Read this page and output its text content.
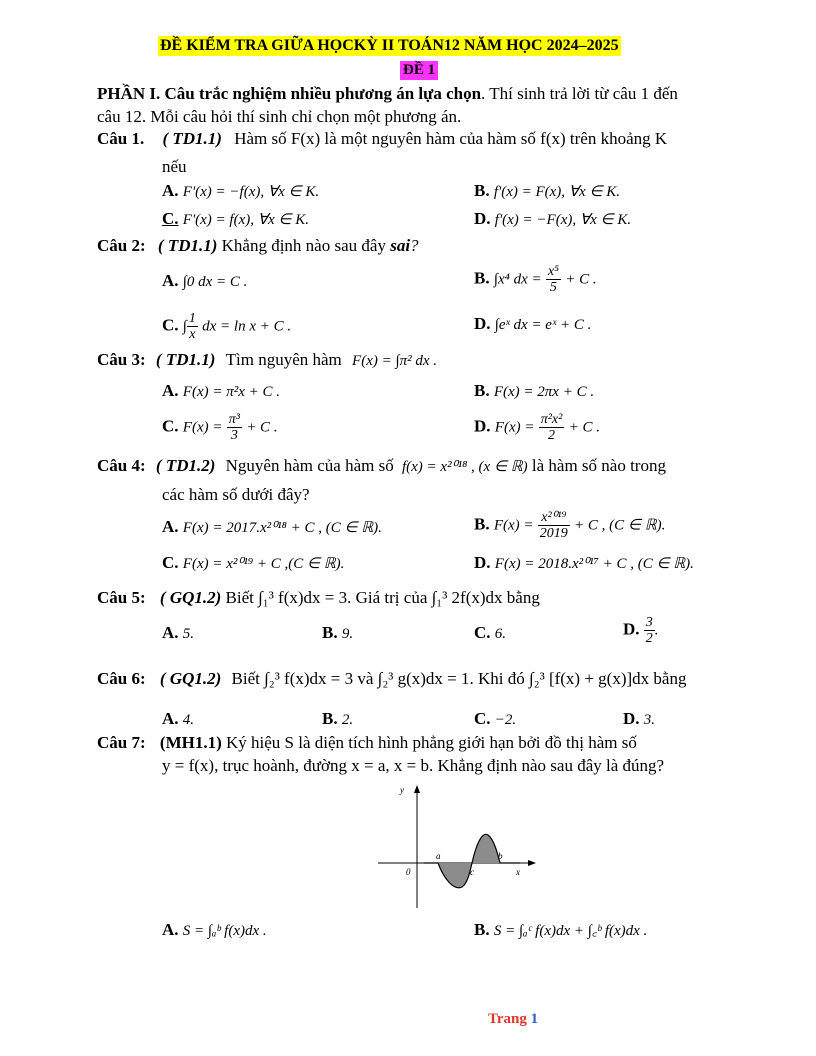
ĐỀ KIỂM TRA GIỮA HỌCKỲ II TOÁN12 NĂM HỌC 2024–2025
ĐỀ 1
PHẦN I. Câu trắc nghiệm nhiều phương án lựa chọn. Thí sinh trả lời từ câu 1 đến
câu 12. Mỗi câu hỏi thí sinh chỉ chọn một phương án.
Câu 1. ( TD1.1) Hàm số F(x) là một nguyên hàm của hàm số f(x) trên khoảng K
nếu
A. F'(x) = −f(x), ∀x ∈ K.	B. f'(x) = F(x), ∀x ∈ K.
C. F'(x) = f(x), ∀x ∈ K.	D. f'(x) = −F(x), ∀x ∈ K.
Câu 2: ( TD1.1) Khẳng định nào sau đây sai?
A. ∫0 dx = C .	B. ∫x⁴ dx = $\frac{\text{x⁵}}{5} + C$ .
C. ∫ $\frac{1}{x}$ dx = ln x + C .	D. ∫eˣ dx = eˣ + C .
Câu 3: ( TD1.1) Tìm nguyên hàm F(x) = ∫π² dx .
A. F(x) = π²x + C .	B. F(x) = 2πx + C .
C. $F(x) = \frac{\text{π³}}{3} + C$ .	D. $F(x) = \frac{\text{π²x²}}{2} + C$ .
Câu 4: ( TD1.2) Nguyên hàm của hàm số f(x) = x²⁰¹⁸ , (x ∈ ℝ) là hàm số nào trong
các hàm số dưới đây?
A. F(x) = 2017.x²⁰¹⁸ + C , (C ∈ ℝ).	B. $F(x) = \frac{\text{x²⁰¹⁹}}{2019} + C$ , (C ∈ ℝ).
C. F(x) = x²⁰¹⁹ + C ,(C ∈ ℝ).	D. F(x) = 2018.x²⁰¹⁷ + C , (C ∈ ℝ).
Câu 5: ( GQ1.2) Biết ∫₁³ f(x)dx = 3. Giá trị của ∫₁³ 2f(x)dx bằng
A. 5.	B. 9.	C. 6.	D. $\frac{3}{2}$ .
Câu 6: ( GQ1.2) Biết ∫₂³ f(x)dx = 3 và ∫₂³ g(x)dx = 1. Khi đó ∫₂³ [f(x) + g(x)]dx bằng
A. 4.	B. 2.	C. −2.	D. 3.
Câu 7: (MH1.1) Ký hiệu S là diện tích hình phẳng giới hạn bởi đồ thị hàm số
y = f(x), trục hoành, đường x = a, x = b. Khẳng định nào sau đây là đúng?
y
x
0
a
c
b
A. S = ∫ₐᵇ f(x)dx .	B. S = ∫ₐᶜ f(x)dx + ∫꜀ᵇ f(x)dx .
Trang 1
